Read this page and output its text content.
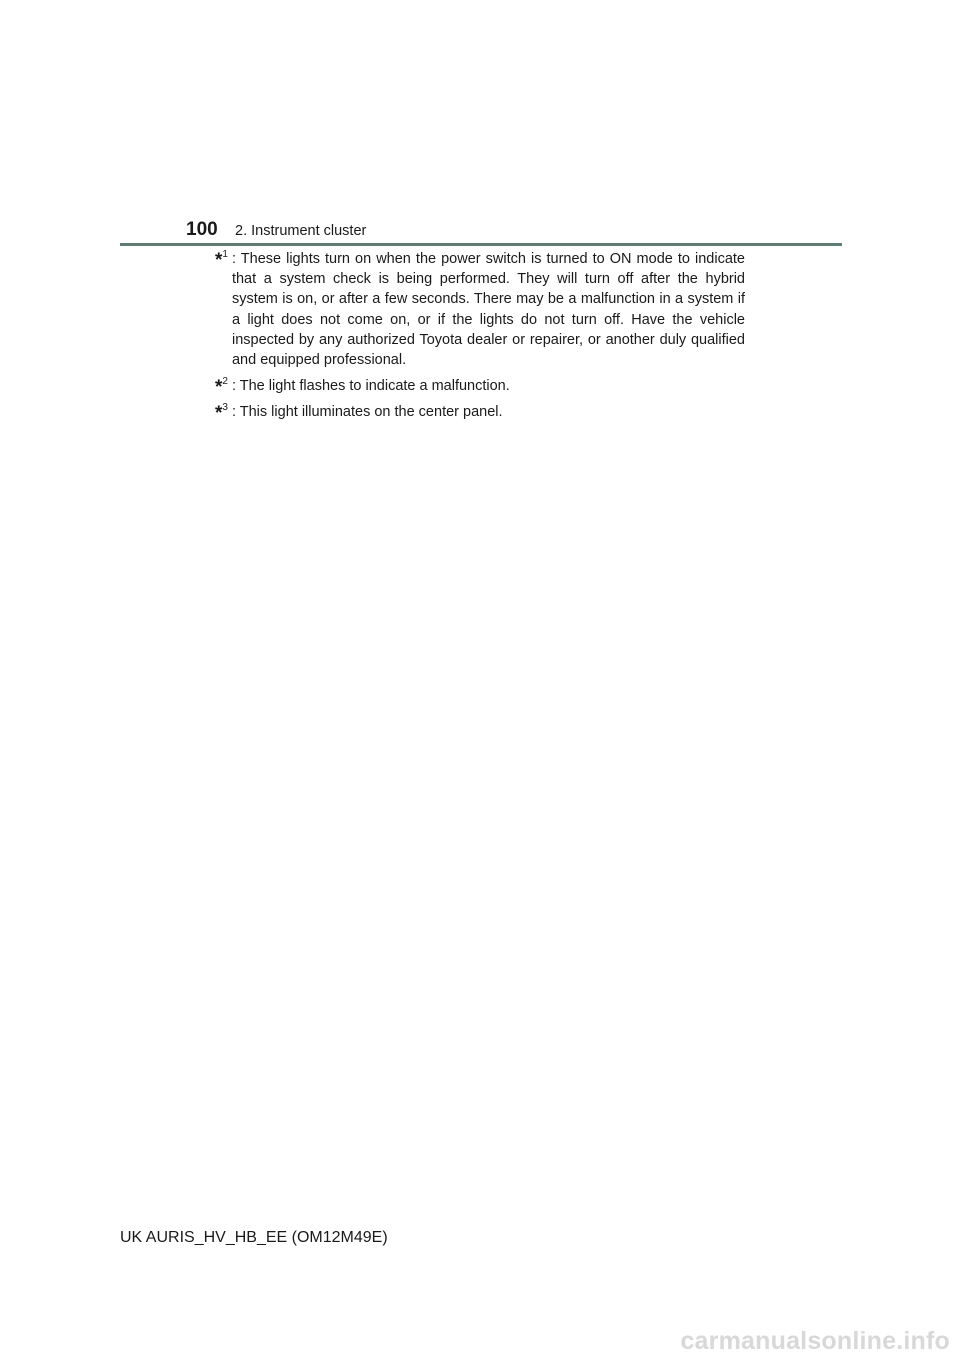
100 2. Instrument cluster
*$^1$ : These lights turn on when the power switch is turned to ON mode to indicate that a system check is being performed. They will turn off after the hybrid system is on, or after a few seconds. There may be a malfunction in a system if a light does not come on, or if the lights do not turn off. Have the vehicle inspected by any authorized Toyota dealer or repairer, or another duly qualified and equipped professional.
*$^2$ : The light flashes to indicate a malfunction.
*$^3$ : This light illuminates on the center panel.
UK AURIS_HV_HB_EE (OM12M49E)
carmanualsonline.info
